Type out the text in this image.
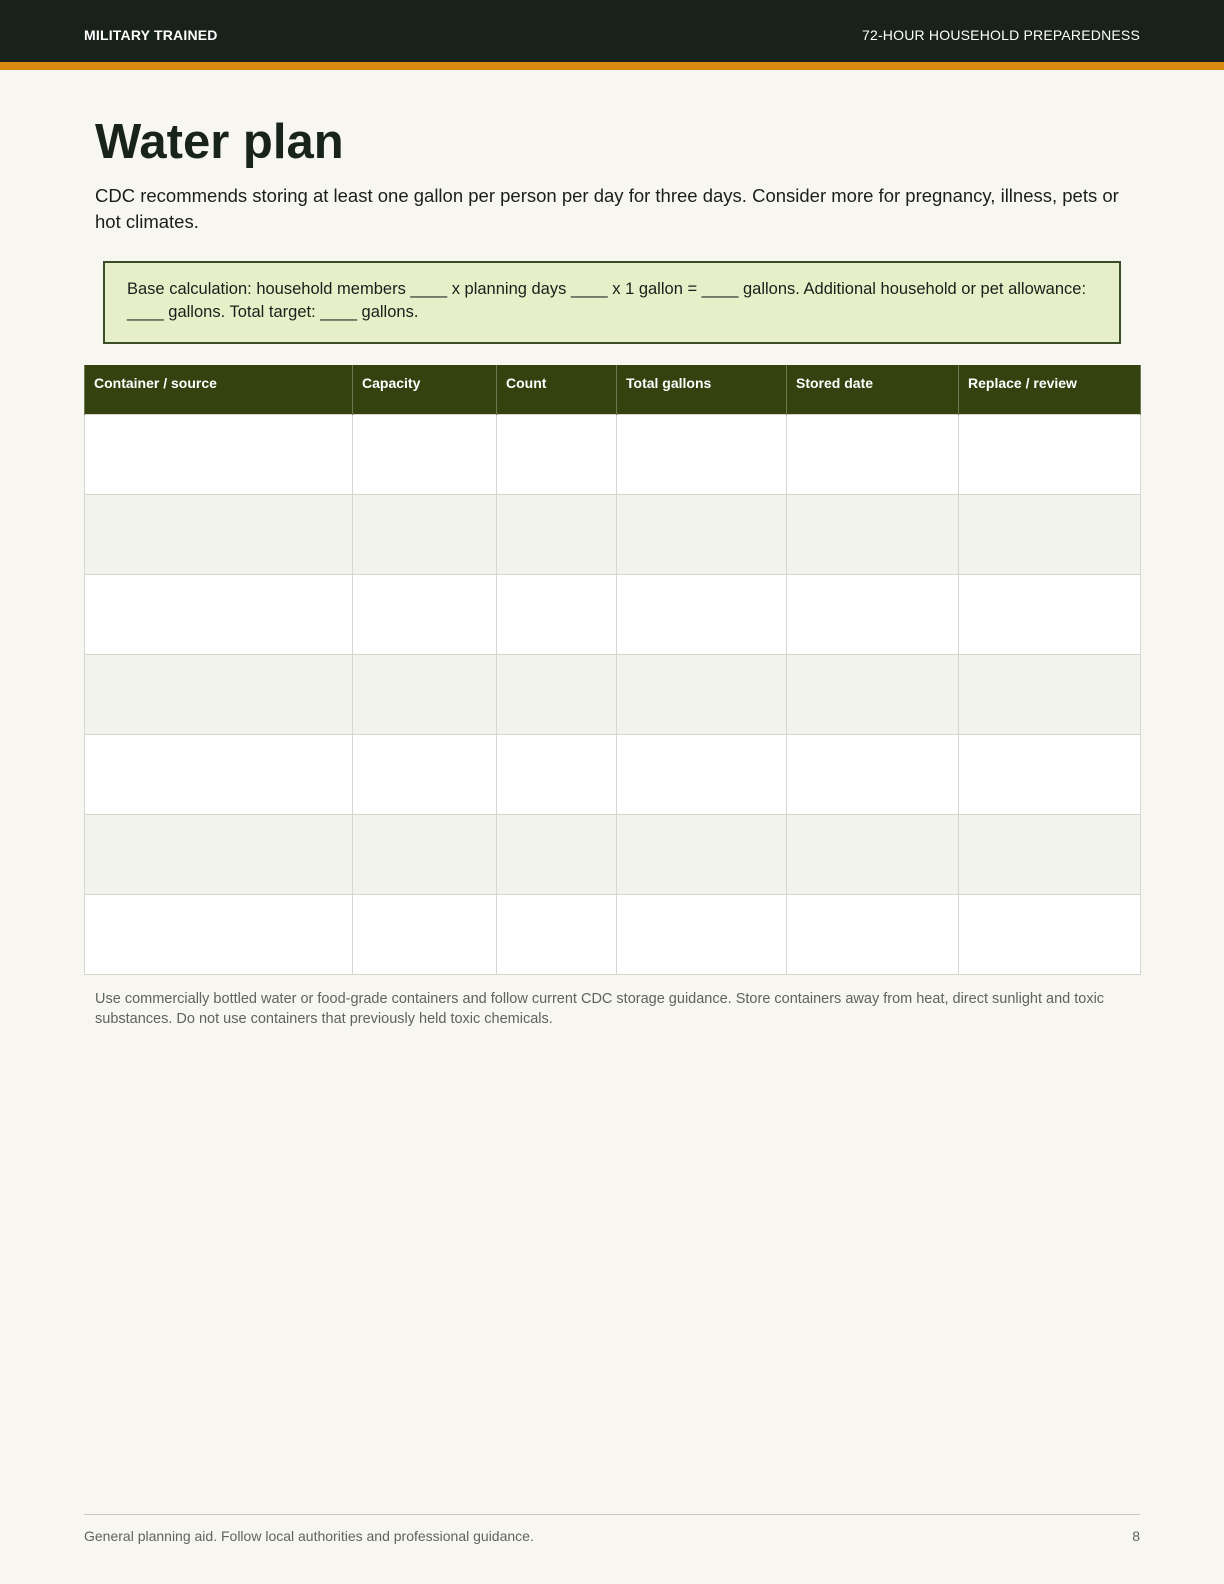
MILITARY TRAINED	72-HOUR HOUSEHOLD PREPAREDNESS
Water plan

CDC recommends storing at least one gallon per person per day for three days. Consider more for pregnancy, illness, pets or hot climates.

Base calculation: household members ____ x planning days ____ x 1 gallon = ____ gallons. Additional household or pet allowance: ____ gallons. Total target: ____ gallons.
Container / source	Capacity	Count	Total gallons	Stored date	Replace / review

Use commercially bottled water or food-grade containers and follow current CDC storage guidance. Store containers away from heat, direct sunlight and toxic substances. Do not use containers that previously held toxic chemicals.

General planning aid. Follow local authorities and professional guidance.	8
